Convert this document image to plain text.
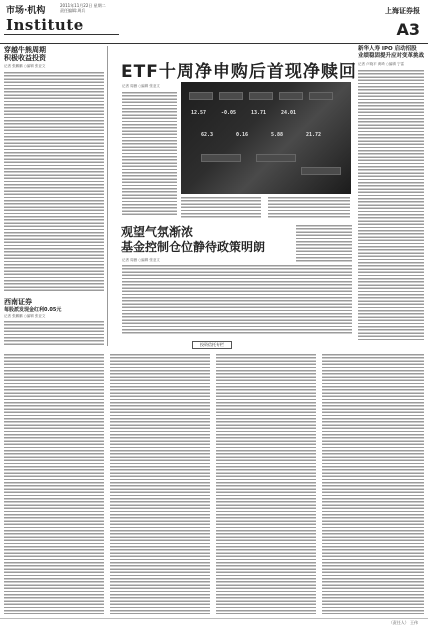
市场·机构
2011年11月22日 星期二
责任编辑:周兵
Institute
上海证券报
A3
穿越牛熊周期
积极收益投资
记者 张鹏鹏 ○编辑 张亚文
西南证券
每股派发现金红利0.05元
记者 张鹏鹏 ○编辑 张亚文
ETF十周净申购后首现净赎回
记者 周薇 ○编辑 张亚文
12.57	-0.05	13.71	24.01
62.3	0.16	5.88	21.72
观望气氛渐浓
基金控制仓位静待政策明朗
记者 周薇 ○编辑 张亚文
新华人寿 IPO 启动招股
业绩稳固提升应对变革挑战
记者 卢晓平 黄琦 ○编辑 宁雷
投资信托专栏
（责任人） 王伟
